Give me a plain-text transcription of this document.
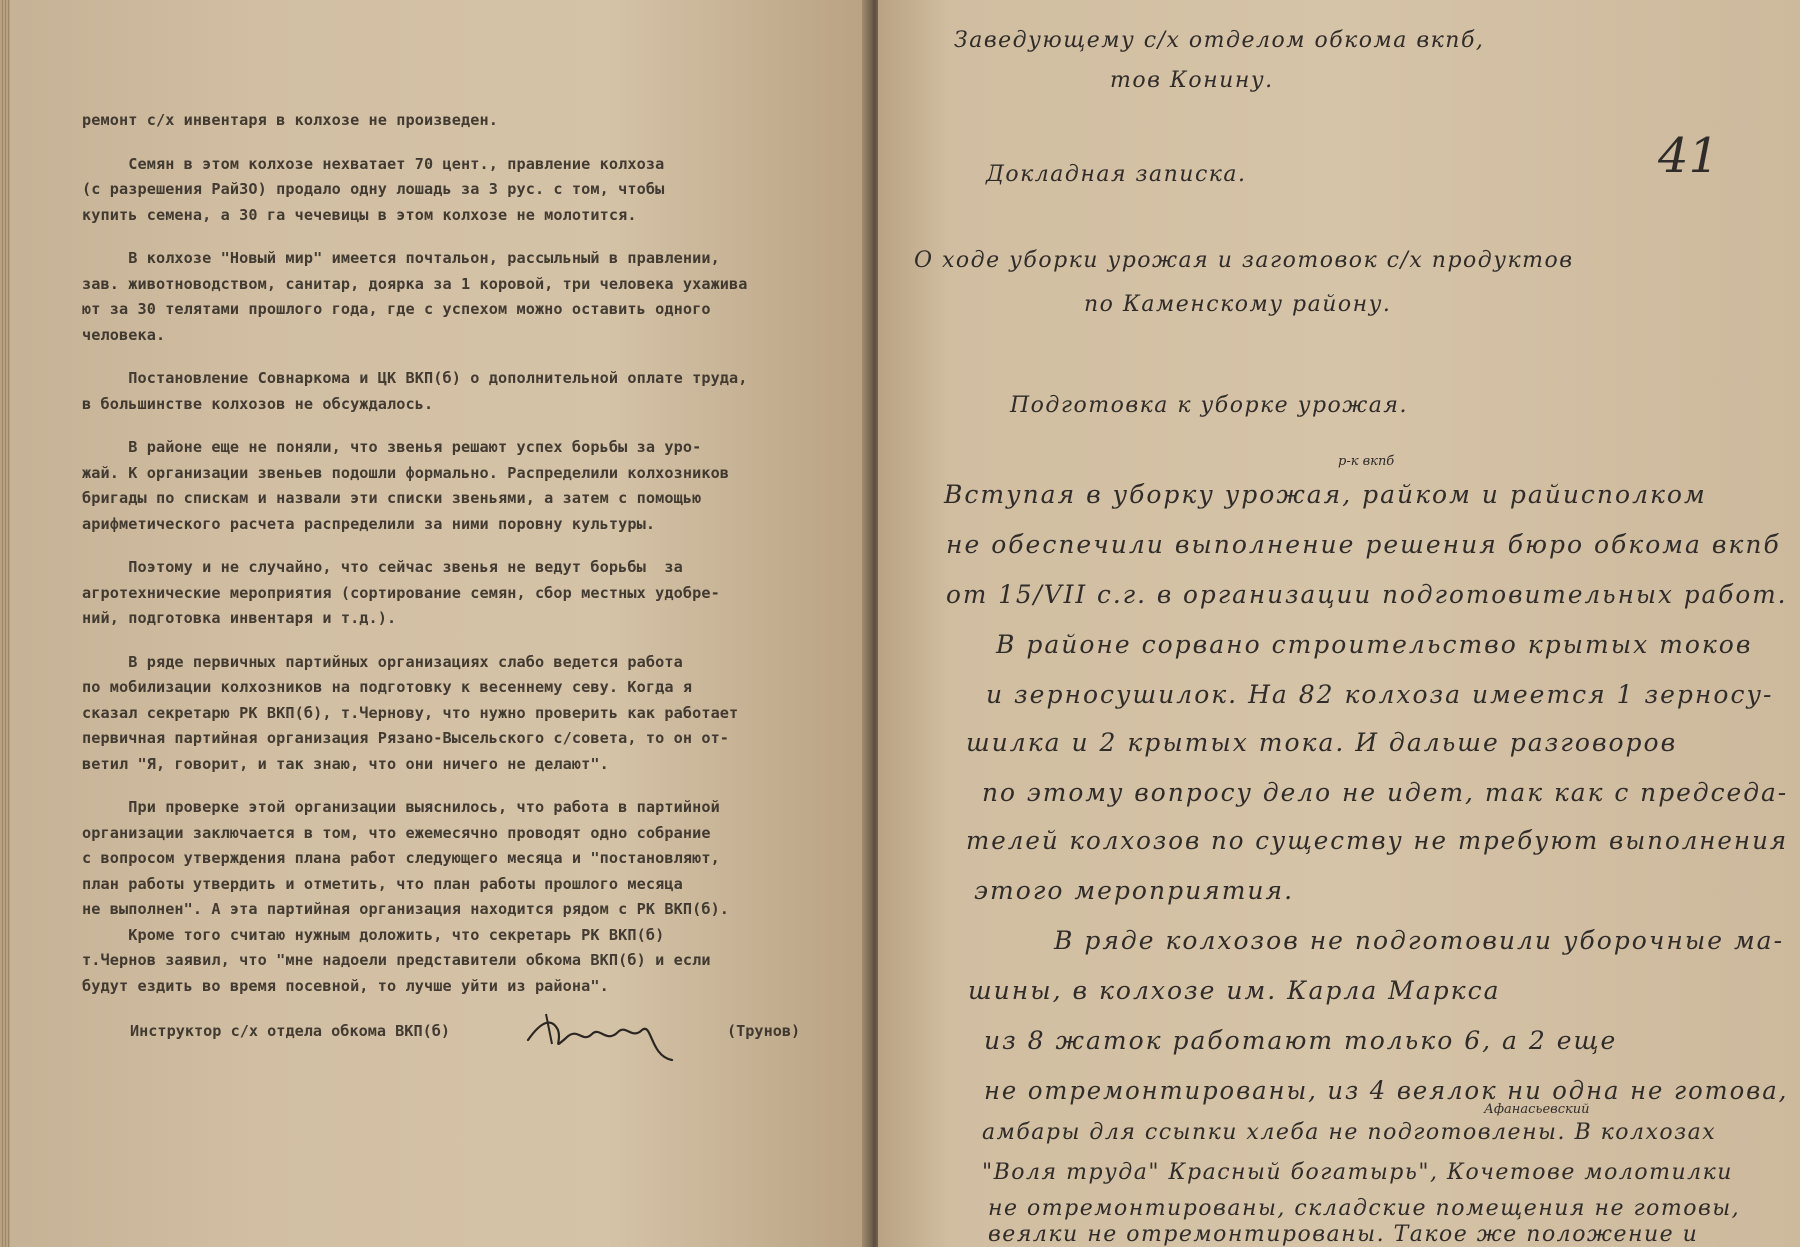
ремонт с/х инвентаря в колхозе не произведен.

Семян в этом колхозе нехватает 70 цент., правление колхоза
(с разрешения РайЗО) продало одну лошадь за 3 рус. с том, чтобы
купить семена, а 30 га чечевицы в этом колхозе не молотится.

В колхозе "Новый мир" имеется почтальон, рассыльный в правлении,
зав. животноводством, санитар, доярка за 1 коровой, три человека ухажива
ют за 30 телятами прошлого года, где с успехом можно оставить одного
человека.

Постановление Совнаркома и ЦК ВКП(б) о дополнительной оплате труда,
в большинстве колхозов не обсуждалось.

В районе еще не поняли, что звенья решают успех борьбы за уро-
жай. К организации звеньев подошли формально. Распределили колхозников
бригады по спискам и назвали эти списки звеньями, а затем с помощью
арифметического расчета распределили за ними поровну культуры.

Поэтому и не случайно, что сейчас звенья не ведут борьбы  за
агротехнические мероприятия (сортирование семян, сбор местных удобре-
ний, подготовка инвентаря и т.д.).

В ряде первичных партийных организациях слабо ведется работа
по мобилизации колхозников на подготовку к весеннему севу. Когда я
сказал секретарю РК ВКП(б), т.Чернову, что нужно проверить как работает
первичная партийная организация Рязано-Высельского с/совета, то он от-
ветил "Я, говорит, и так знаю, что они ничего не делают".

При проверке этой организации выяснилось, что работа в партийной
организации заключается в том, что ежемесячно проводят одно собрание
с вопросом утверждения плана работ следующего месяца и "постановляют,
план работы утвердить и отметить, что план работы прошлого месяца
не выполнен". А эта партийная организация находится рядом с РК ВКП(б).
Кроме того считаю нужным доложить, что секретарь РК ВКП(б)
т.Чернов заявил, что "мне надоели представители обкома ВКП(б) и если
будут ездить во время посевной, то лучше уйти из района".

Инструктор с/х отдела обкома ВКП(б)	(Трунов)
41
Заведующему с/х отделом обкома вкпб,
тов Конину.
Докладная записка.
О ходе уборки урожая и заготовок с/х продуктов
по Каменскому району.
Подготовка к уборке урожая.
р-к вкпб
Вступая в уборку урожая, райком и райисполком
не обеспечили выполнение решения бюро обкома вкпб
от 15/VII с.г. в организации подготовительных работ.
В районе сорвано строительство крытых токов
и зерносушилок. На 82 колхоза имеется 1 зерносу-
шилка и 2 крытых тока. И дальше разговоров
по этому вопросу дело не идет, так как с председа-
телей колхозов по существу не требуют выполнения
этого мероприятия.
В ряде колхозов не подготовили уборочные ма-
шины, в колхозе им. Карла Маркса
из 8 жаток работают только 6, а 2 еще
не отремонтированы, из 4 веялок ни одна не готова,
Афанасьевский
амбары для ссыпки хлеба не подготовлены. В колхозах
"Воля труда" Красный богатырь", Кочетове молотилки
не отремонтированы, складские помещения не готовы,
веялки не отремонтированы. Такое же положение и
